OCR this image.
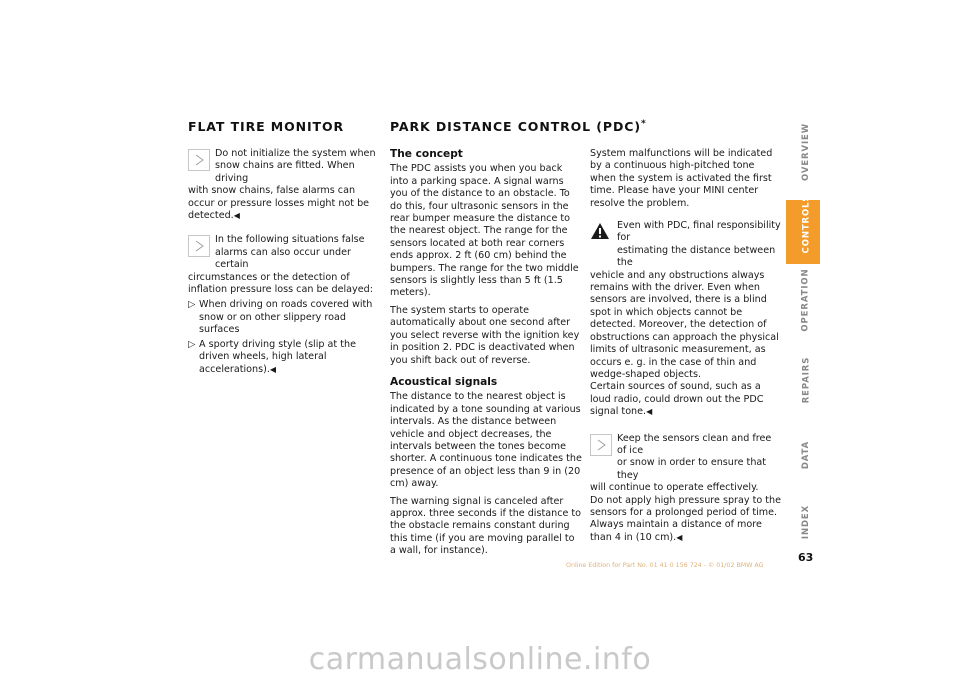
FLAT TIRE MONITOR
Do not initialize the system when
snow chains are fitted. When driving
with snow chains, false alarms can occur or pressure losses might not be detected.◀
In the following situations false
alarms can also occur under certain
circumstances or the detection of inflation pressure loss can be delayed:
▷ When driving on roads covered with snow or on other slippery road surfaces
▷ A sporty driving style (slip at the driven wheels, high lateral accelerations).◀
PARK DISTANCE CONTROL (PDC)*
The concept

The PDC assists you when you back into a parking space. A signal warns you of the distance to an obstacle. To do this, four ultrasonic sensors in the rear bumper measure the distance to the nearest object. The range for the sensors located at both rear corners ends approx. 2 ft (60 cm) behind the bumpers. The range for the two middle sensors is slightly less than 5 ft (1.5 meters).

The system starts to operate automatically about one second after you select reverse with the ignition key in position 2. PDC is deactivated when you shift back out of reverse.

Acoustical signals

The distance to the nearest object is indicated by a tone sounding at various intervals. As the distance between vehicle and object decreases, the intervals between the tones become shorter. A continuous tone indicates the presence of an object less than 9 in (20 cm) away.

The warning signal is canceled after approx. three seconds if the distance to the obstacle remains constant during this time (if you are moving parallel to a wall, for instance).

System malfunctions will be indicated by a continuous high-pitched tone when the system is activated the first time. Please have your MINI center resolve the problem.

Even with PDC, final responsibility for
estimating the distance between the
vehicle and any obstructions always remains with the driver. Even when sensors are involved, there is a blind spot in which objects cannot be detected. Moreover, the detection of obstructions can approach the physical limits of ultrasonic measurement, as occurs e. g. in the case of thin and wedge-shaped objects.
Certain sources of sound, such as a loud radio, could drown out the PDC signal tone.◀
Keep the sensors clean and free of ice
or snow in order to ensure that they
will continue to operate effectively.
Do not apply high pressure spray to the sensors for a prolonged period of time.
Always maintain a distance of more than 4 in (10 cm).◀
OVERVIEW
CONTROLS
OPERATION
REPAIRS
DATA
INDEX
63
Online Edition for Part No. 01 41 0 156 724 - © 01/02 BMW AG
carmanualsonline.info
